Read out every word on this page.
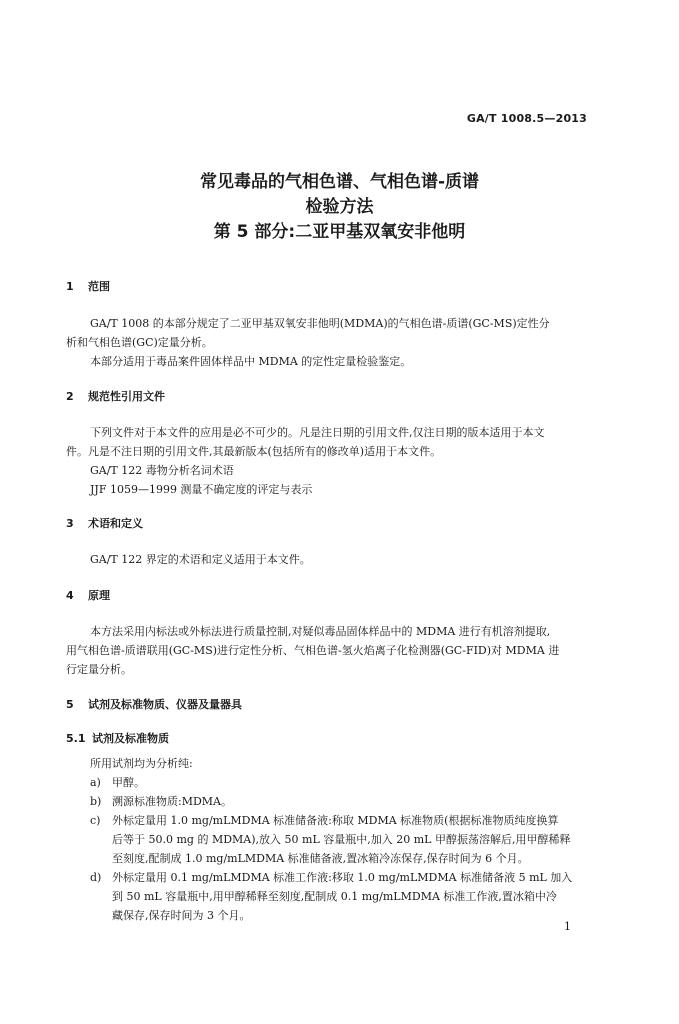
GA/T 1008.5—2013
常见毒品的气相色谱、气相色谱-质谱
检验方法
第 5 部分:二亚甲基双氧安非他明
1 范围
GA/T 1008 的本部分规定了二亚甲基双氧安非他明(MDMA)的气相色谱-质谱(GC-MS)定性分
析和气相色谱(GC)定量分析。
本部分适用于毒品案件固体样品中 MDMA 的定性定量检验鉴定。
2 规范性引用文件
下列文件对于本文件的应用是必不可少的。凡是注日期的引用文件,仅注日期的版本适用于本文
件。凡是不注日期的引用文件,其最新版本(包括所有的修改单)适用于本文件。
GA/T 122 毒物分析名词术语
JJF 1059—1999 测量不确定度的评定与表示
3 术语和定义
GA/T 122 界定的术语和定义适用于本文件。
4 原理
本方法采用内标法或外标法进行质量控制,对疑似毒品固体样品中的 MDMA 进行有机溶剂提取,
用气相色谱-质谱联用(GC-MS)进行定性分析、气相色谱-氢火焰离子化检测器(GC-FID)对 MDMA 进
行定量分析。
5 试剂及标准物质、仪器及量器具
5.1 试剂及标准物质
所用试剂均为分析纯:
a) 甲醇。
b) 溯源标准物质:MDMA。
c) 外标定量用 1.0 mg/mLMDMA 标准储备液:称取 MDMA 标准物质(根据标准物质纯度换算
后等于 50.0 mg 的 MDMA),放入 50 mL 容量瓶中,加入 20 mL 甲醇振荡溶解后,用甲醇稀释
至刻度,配制成 1.0 mg/mLMDMA 标准储备液,置冰箱冷冻保存,保存时间为 6 个月。
d) 外标定量用 0.1 mg/mLMDMA 标准工作液:移取 1.0 mg/mLMDMA 标准储备液 5 mL 加入
到 50 mL 容量瓶中,用甲醇稀释至刻度,配制成 0.1 mg/mLMDMA 标准工作液,置冰箱中冷
藏保存,保存时间为 3 个月。
1
